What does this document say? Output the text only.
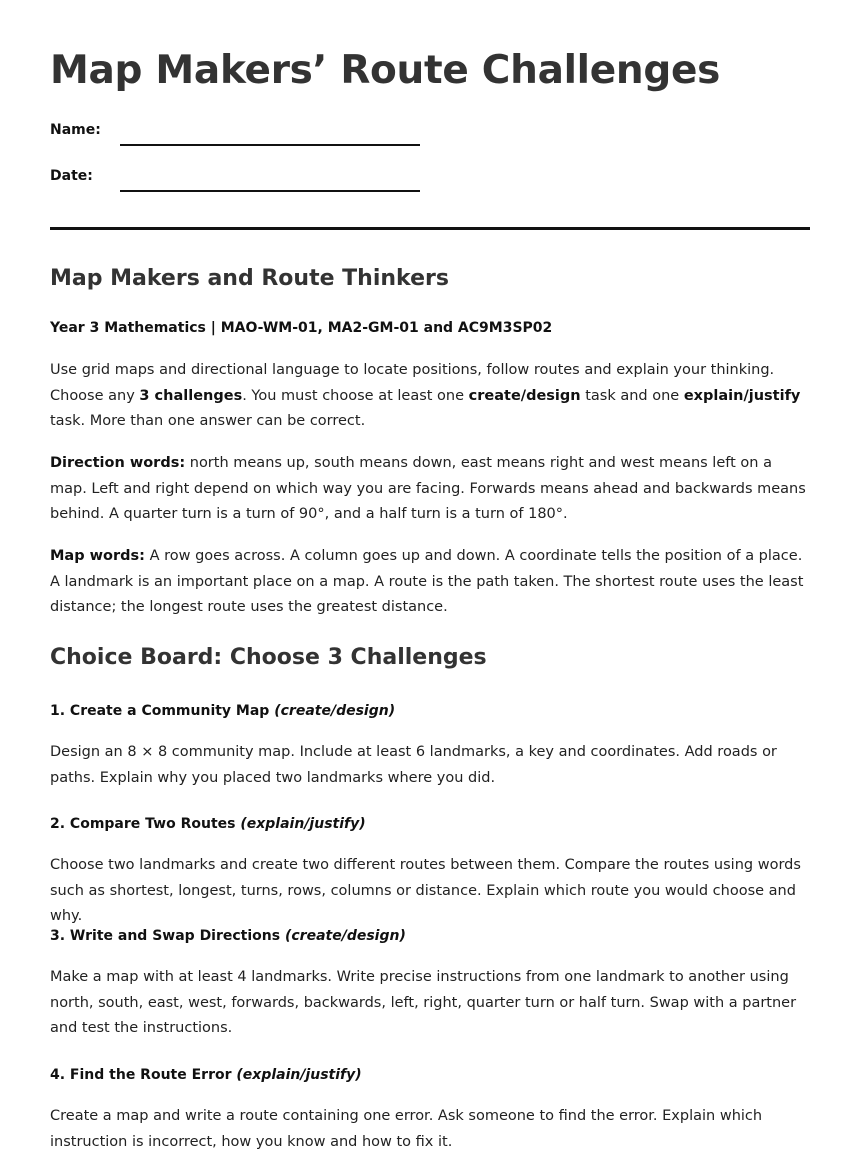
Map Makers’ Route Challenges
Name:
Date:
Map Makers and Route Thinkers
Year 3 Mathematics | MAO-WM-01, MA2-GM-01 and AC9M3SP02

Use grid maps and directional language to locate positions, follow routes and explain your thinking. Choose any 3 challenges. You must choose at least one create/design task and one explain/justify task. More than one answer can be correct.

Direction words: north means up, south means down, east means right and west means left on a map. Left and right depend on which way you are facing. Forwards means ahead and backwards means behind. A quarter turn is a turn of 90°, and a half turn is a turn of 180°.

Map words: A row goes across. A column goes up and down. A coordinate tells the position of a place. A landmark is an important place on a map. A route is the path taken. The shortest route uses the least distance; the longest route uses the greatest distance.

Choice Board: Choose 3 Challenges
1. Create a Community Map (create/design)

Design an 8 × 8 community map. Include at least 6 landmarks, a key and coordinates. Add roads or paths. Explain why you placed two landmarks where you did.

2. Compare Two Routes (explain/justify)

Choose two landmarks and create two different routes between them. Compare the routes using words such as shortest, longest, turns, rows, columns or distance. Explain which route you would choose and why.

3. Write and Swap Directions (create/design)

Make a map with at least 4 landmarks. Write precise instructions from one landmark to another using north, south, east, west, forwards, backwards, left, right, quarter turn or half turn. Swap with a partner and test the instructions.

4. Find the Route Error (explain/justify)

Create a map and write a route containing one error. Ask someone to find the error. Explain which instruction is incorrect, how you know and how to fix it.
